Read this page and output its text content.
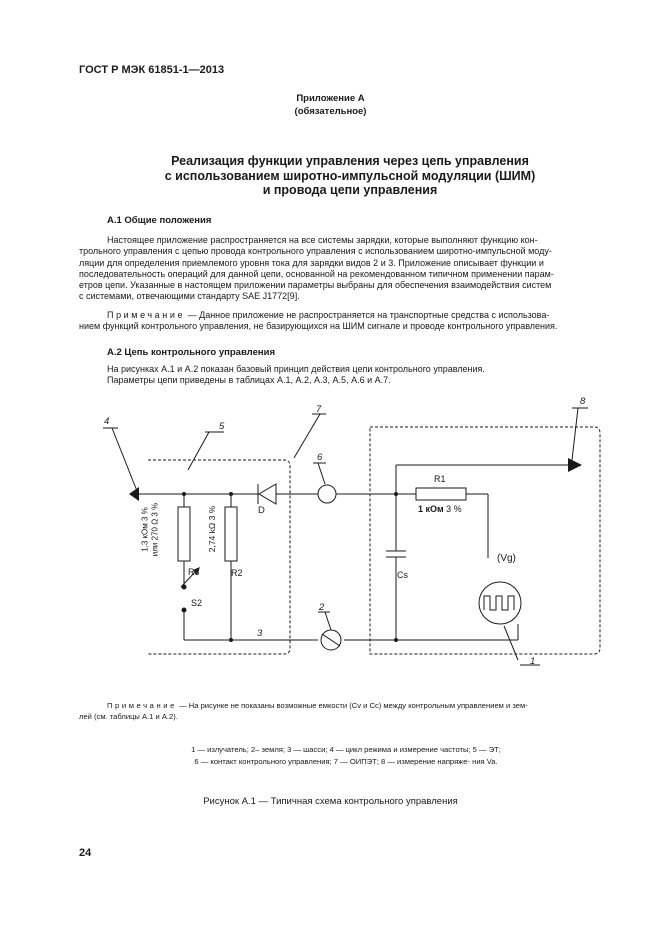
ГОСТ Р МЭК 61851-1—2013
Приложение А
(обязательное)
Реализация функции управления через цепь управления
с использованием широтно-импульсной модуляции (ШИМ)
и провода цепи управления
А.1 Общие положения
Настоящее приложение распространяется на все системы зарядки, которые выполняют функцию кон-
трольного управления с цепью провода контрольного управления с использованием широтно-импульсной моду-
ляции для определения приемлемого уровня тока для зарядки видов 2 и 3. Приложение описывает функции и
последовательность операций для данной цепи, основанной на рекомендованном типичном применении парам-
етров цепи. Указанные в настоящем приложении параметры выбраны для обеспечения взаимодействия систем
с системами, отвечающими стандарту SAE J1772[9].
Примечание — Данное приложение не распространяется на транспортные средства с использова-
нием функций контрольного управления, не базирующихся на ШИМ сигнале и проводе контрольного управления.
А.2 Цепь контрольного управления
На рисунках А.1 и А.2 показан базовый принцип действия цепи контрольного управления.
Параметры цепи приведены в таблицах А.1, А.2, А.3, А.5, А.6 и А.7.
4	5
7
8
6
2
3
1
R1
1 кОм 3 %
R2
R3
S2
D
Cs
(Vg)
2,74 kΩ 3 %
1,3 кОм 3 % или 270 Ω 3 %
Примечание — На рисунке не показаны возможные емкости (Cv и Cc) между контрольным управлением и зем-
лей (см. таблицы А.1 и А.2).
1 — излучатель; 2– земля; 3 — шасси; 4 — цикл режима и измерение частоты; 5 — ЭТ;
6 — контакт контрольного управления; 7 — ОИПЭТ; 8 — измерение напряже- ния Va.
Рисунок А.1 — Типичная схема контрольного управления
24
